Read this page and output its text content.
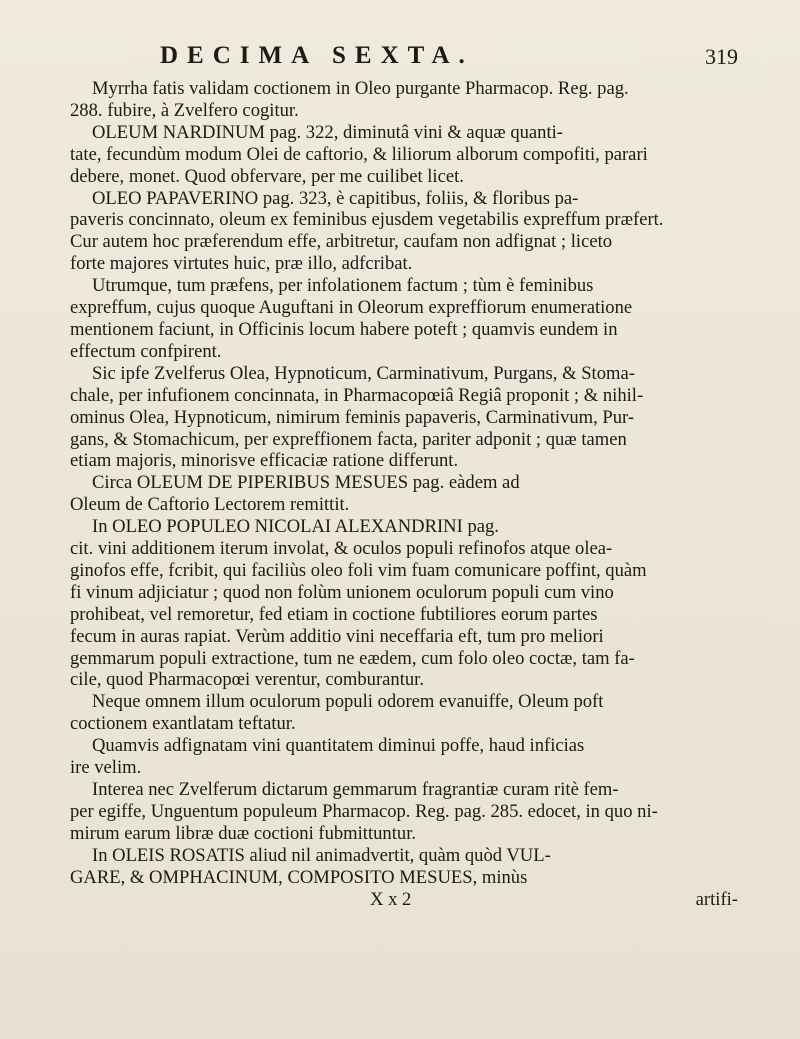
DECIMA SEXTA.	319
Myrrha fatis validam coctionem in Oleo purgante Pharmacop. Reg. pag.
288. fubire, à Zvelfero cogitur.
OLEUM NARDINUM pag. 322, diminutâ vini & aquæ quanti-
tate, fecundùm modum Olei de caftorio, & liliorum alborum compofiti, parari
debere, monet. Quod obfervare, per me cuilibet licet.
OLEO PAPAVERINO pag. 323, è capitibus, foliis, & floribus pa-
paveris concinnato, oleum ex feminibus ejusdem vegetabilis expreffum præfert.
Cur autem hoc præferendum effe, arbitretur, caufam non adfignat ; liceto
forte majores virtutes huic, præ illo, adfcribat.
Utrumque, tum præfens, per infolationem factum ; tùm è feminibus
expreffum, cujus quoque Auguftani in Oleorum expreffiorum enumeratione
mentionem faciunt, in Officinis locum habere poteft ; quamvis eundem in
effectum confpirent.
Sic ipfe Zvelferus Olea, Hypnoticum, Carminativum, Purgans, & Stoma-
chale, per infufionem concinnata, in Pharmacopœiâ Regiâ proponit ; & nihil-
ominus Olea, Hypnoticum, nimirum feminis papaveris, Carminativum, Pur-
gans, & Stomachicum, per expreffionem facta, pariter adponit ; quæ tamen
etiam majoris, minorisve efficaciæ ratione differunt.
Circa OLEUM DE PIPERIBUS MESUES pag. eàdem ad
Oleum de Caftorio Lectorem remittit.
In OLEO POPULEO NICOLAI ALEXANDRINI pag.
cit. vini additionem iterum involat, & oculos populi refinofos atque olea-
ginofos effe, fcribit, qui faciliùs oleo foli vim fuam comunicare poffint, quàm
fi vinum adjiciatur ; quod non folùm unionem oculorum populi cum vino
prohibeat, vel remoretur, fed etiam in coctione fubtiliores eorum partes
fecum in auras rapiat. Verùm additio vini neceffaria eft, tum pro meliori
gemmarum populi extractione, tum ne eædem, cum folo oleo coctæ, tam fa-
cile, quod Pharmacopœi verentur, comburantur.
Neque omnem illum oculorum populi odorem evanuiffe, Oleum poft
coctionem exantlatam teftatur.
Quamvis adfignatam vini quantitatem diminui poffe, haud inficias
ire velim.
Interea nec Zvelferum dictarum gemmarum fragrantiæ curam ritè fem-
per egiffe, Unguentum populeum Pharmacop. Reg. pag. 285. edocet, in quo ni-
mirum earum libræ duæ coctioni fubmittuntur.
In OLEIS ROSATIS aliud nil animadvertit, quàm quòd VUL-
GARE, & OMPHACINUM, COMPOSITO MESUES, minùs
X x 2	artifi-
